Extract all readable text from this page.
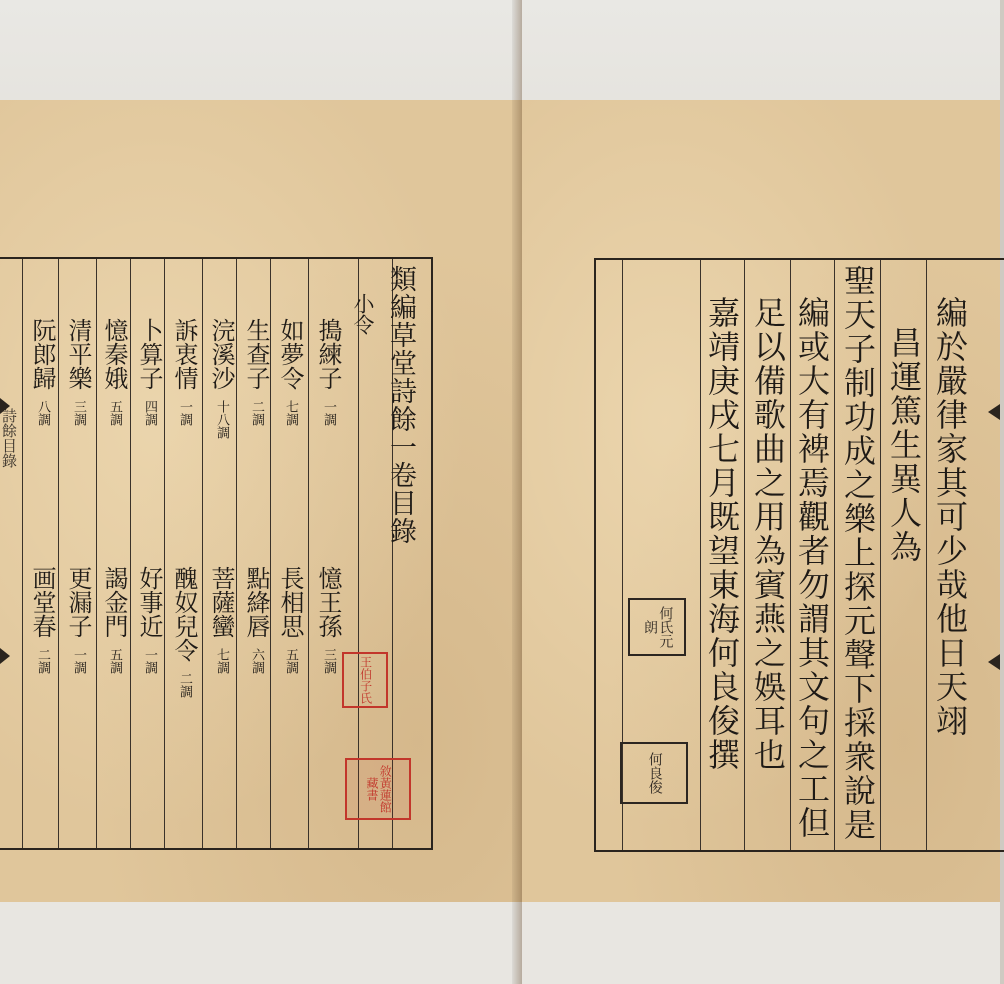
類編草堂詩餘一卷目錄
小令
搗練子一調
憶王孫三調
如夢令七調
長相思五調
生查子二調
點絳唇六調
浣溪沙十八調
菩薩蠻七調
訴衷情一調
醜奴兒令二調
卜算子四調
好事近一調
憶秦娥五調
謁金門五調
清平樂三調
更漏子一調
阮郎歸八調
画堂春二調
詩餘目錄
王伯子氏
敘黃蓮館藏書
編於嚴律家其可少哉他日天翊
昌運篤生異人為
聖天子制功成之樂上探元聲下採衆說是
編或大有裨焉觀者勿謂其文句之工但
足以備歌曲之用為賓燕之娛耳也
嘉靖庚戌七月既望東海何良俊撰
何氏元朗
何良俊
